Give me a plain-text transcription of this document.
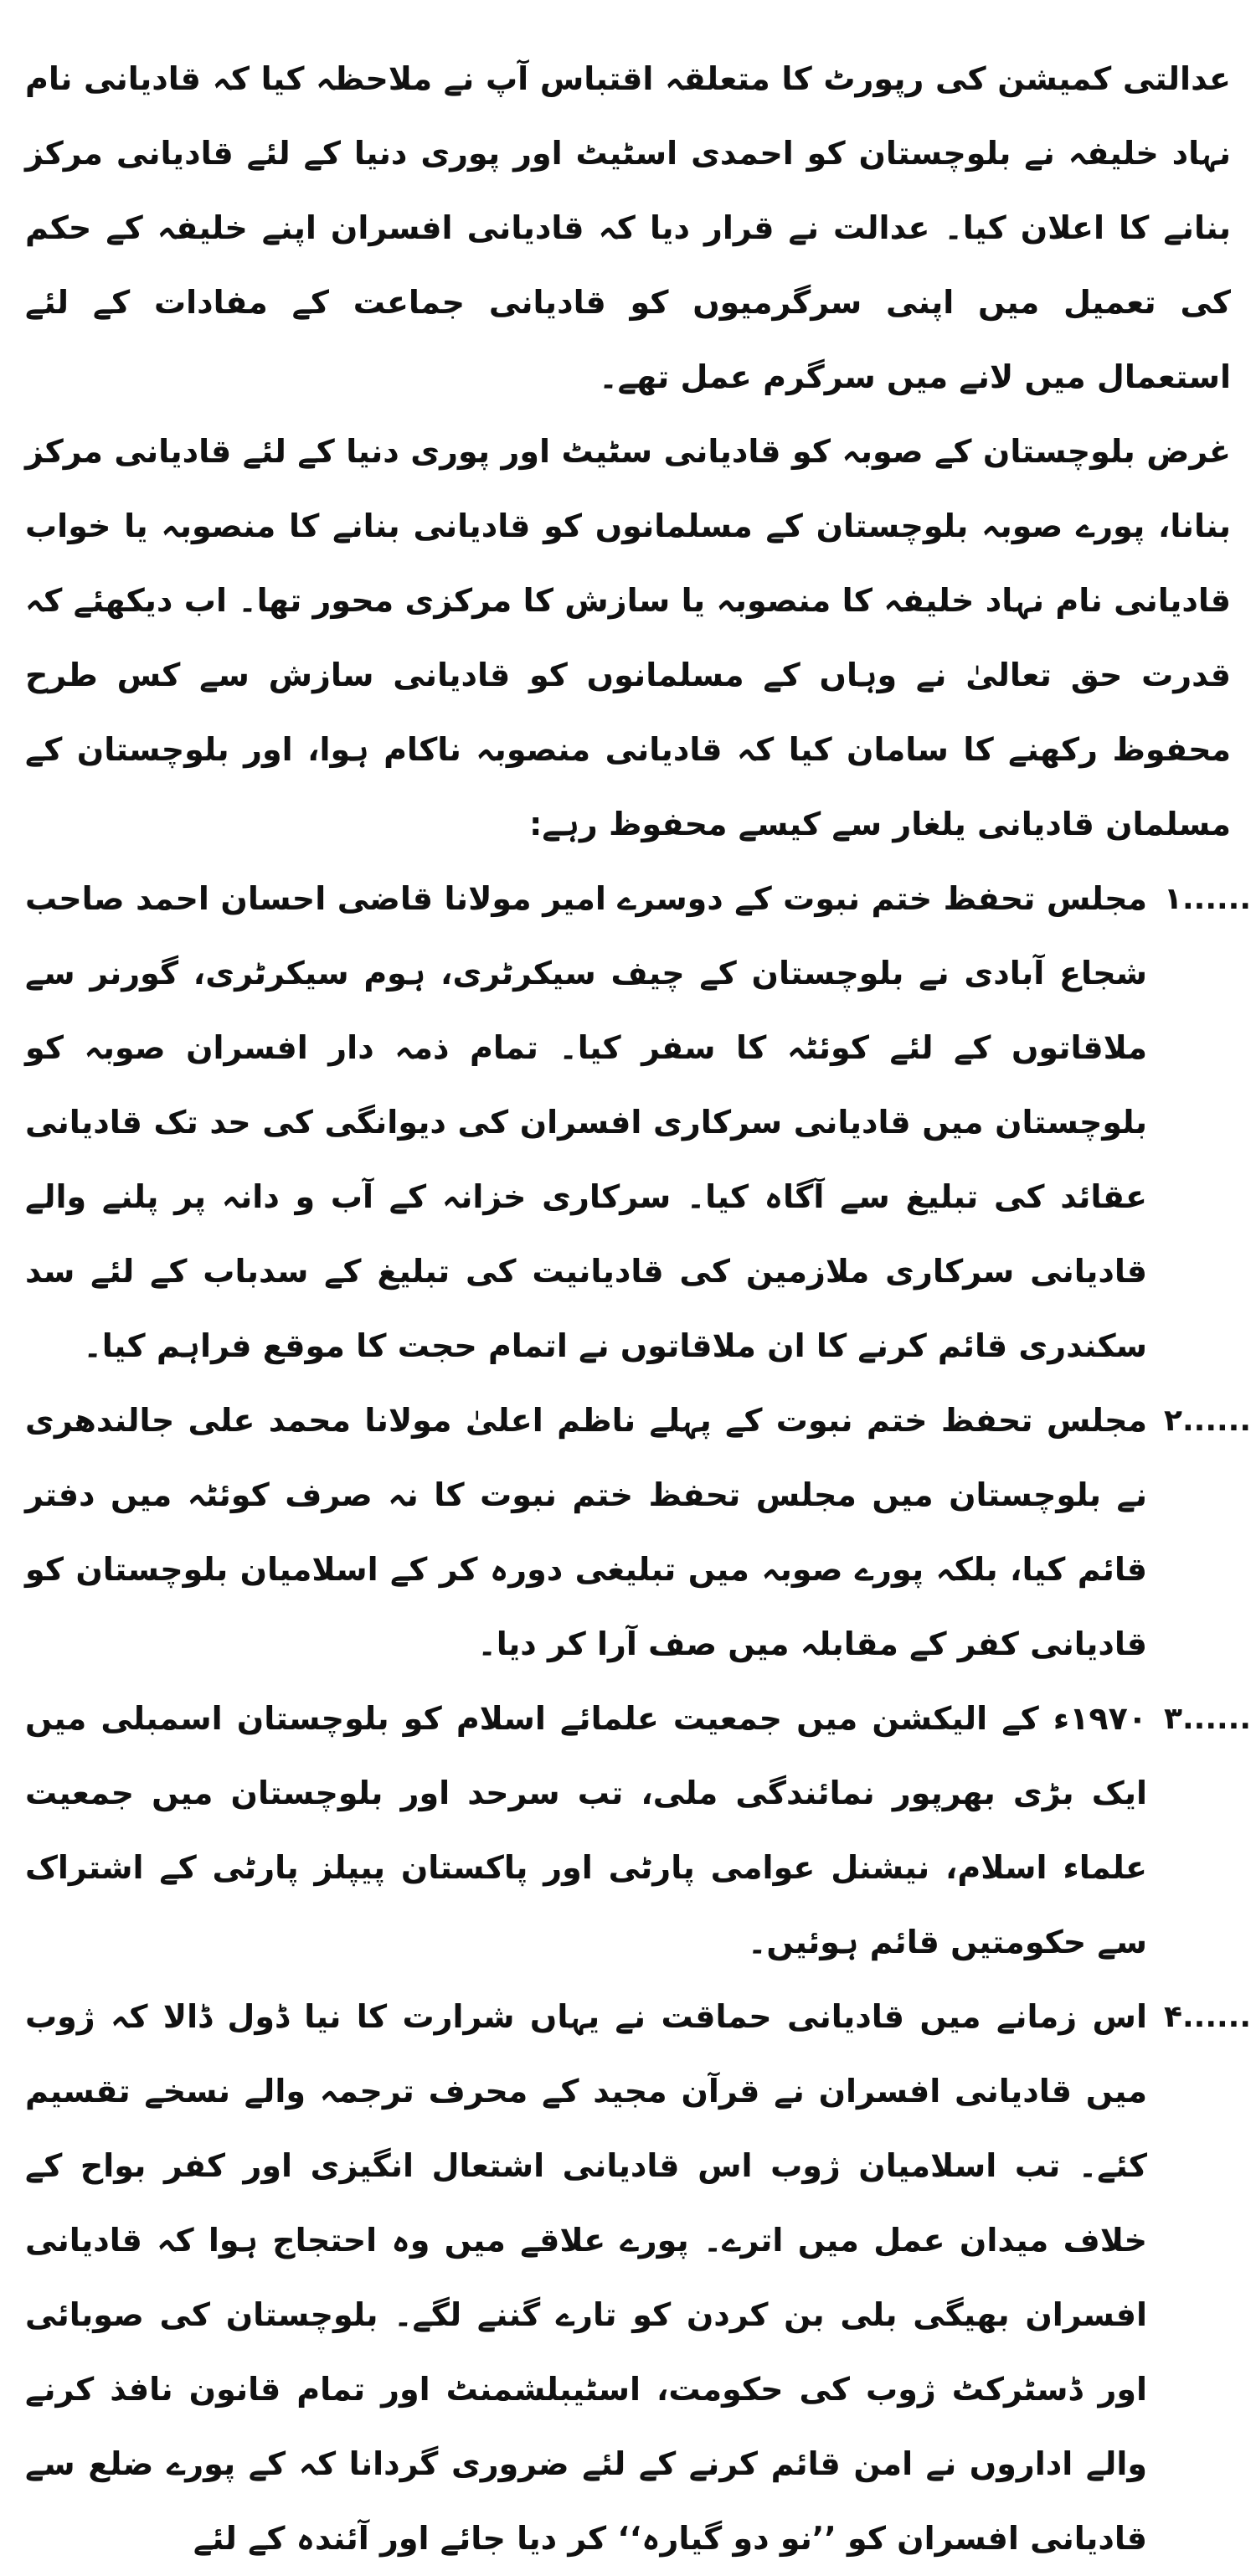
عدالتی کمیشن کی رپورٹ کا متعلقہ اقتباس آپ نے ملاحظہ کیا کہ قادیانی نام نہاد خلیفہ نے بلوچستان کو احمدی اسٹیٹ اور پوری دنیا کے لئے قادیانی مرکز بنانے کا اعلان کیا۔ عدالت نے قرار دیا کہ قادیانی افسران اپنے خلیفہ کے حکم کی تعمیل میں اپنی سرگرمیوں کو قادیانی جماعت کے مفادات کے لئے استعمال میں لانے میں سرگرم عمل تھے۔

غرض بلوچستان کے صوبہ کو قادیانی سٹیٹ اور پوری دنیا کے لئے قادیانی مرکز بنانا، پورے صوبہ بلوچستان کے مسلمانوں کو قادیانی بنانے کا منصوبہ یا خواب قادیانی نام نہاد خلیفہ کا منصوبہ یا سازش کا مرکزی محور تھا۔ اب دیکھئے کہ قدرت حق تعالیٰ نے وہاں کے مسلمانوں کو قادیانی سازش سے کس طرح محفوظ رکھنے کا سامان کیا کہ قادیانی منصوبہ ناکام ہوا، اور بلوچستان کے مسلمان قادیانی یلغار سے کیسے محفوظ رہے:

۱......

مجلس تحفظ ختم نبوت کے دوسرے امیر مولانا قاضی احسان احمد صاحب شجاع آبادی نے بلوچستان کے چیف سیکرٹری، ہوم سیکرٹری، گورنر سے ملاقاتوں کے لئے کوئٹہ کا سفر کیا۔ تمام ذمہ دار افسران صوبہ کو بلوچستان میں قادیانی سرکاری افسران کی دیوانگی کی حد تک قادیانی عقائد کی تبلیغ سے آگاہ کیا۔ سرکاری خزانہ کے آب و دانہ پر پلنے والے قادیانی سرکاری ملازمین کی قادیانیت کی تبلیغ کے سدباب کے لئے سد سکندری قائم کرنے کا ان ملاقاتوں نے اتمام حجت کا موقع فراہم کیا۔

۲......

مجلس تحفظ ختم نبوت کے پہلے ناظم اعلیٰ مولانا محمد علی جالندھری نے بلوچستان میں مجلس تحفظ ختم نبوت کا نہ صرف کوئٹہ میں دفتر قائم کیا، بلکہ پورے صوبہ میں تبلیغی دورہ کر کے اسلامیان بلوچستان کو قادیانی کفر کے مقابلہ میں صف آرا کر دیا۔

۳......

۱۹۷۰ء کے الیکشن میں جمعیت علمائے اسلام کو بلوچستان اسمبلی میں ایک بڑی بھرپور نمائندگی ملی، تب سرحد اور بلوچستان میں جمعیت علماء اسلام، نیشنل عوامی پارٹی اور پاکستان پیپلز پارٹی کے اشتراک سے حکومتیں قائم ہوئیں۔

۴......

اس زمانے میں قادیانی حماقت نے یہاں شرارت کا نیا ڈول ڈالا کہ ژوب میں قادیانی افسران نے قرآن مجید کے محرف ترجمہ والے نسخے تقسیم کئے۔ تب اسلامیان ژوب اس قادیانی اشتعال انگیزی اور کفر بواح کے خلاف میدان عمل میں اترے۔ پورے علاقے میں وہ احتجاج ہوا کہ قادیانی افسران بھیگی بلی بن کردن کو تارے گننے لگے۔ بلوچستان کی صوبائی اور ڈسٹرکٹ ژوب کی حکومت، اسٹیبلشمنٹ اور تمام قانون نافذ کرنے والے اداروں نے امن قائم کرنے کے لئے ضروری گردانا کہ کے پورے ضلع سے قادیانی افسران کو ’’نو دو گیارہ‘‘ کر دیا جائے اور آئندہ کے لئے
